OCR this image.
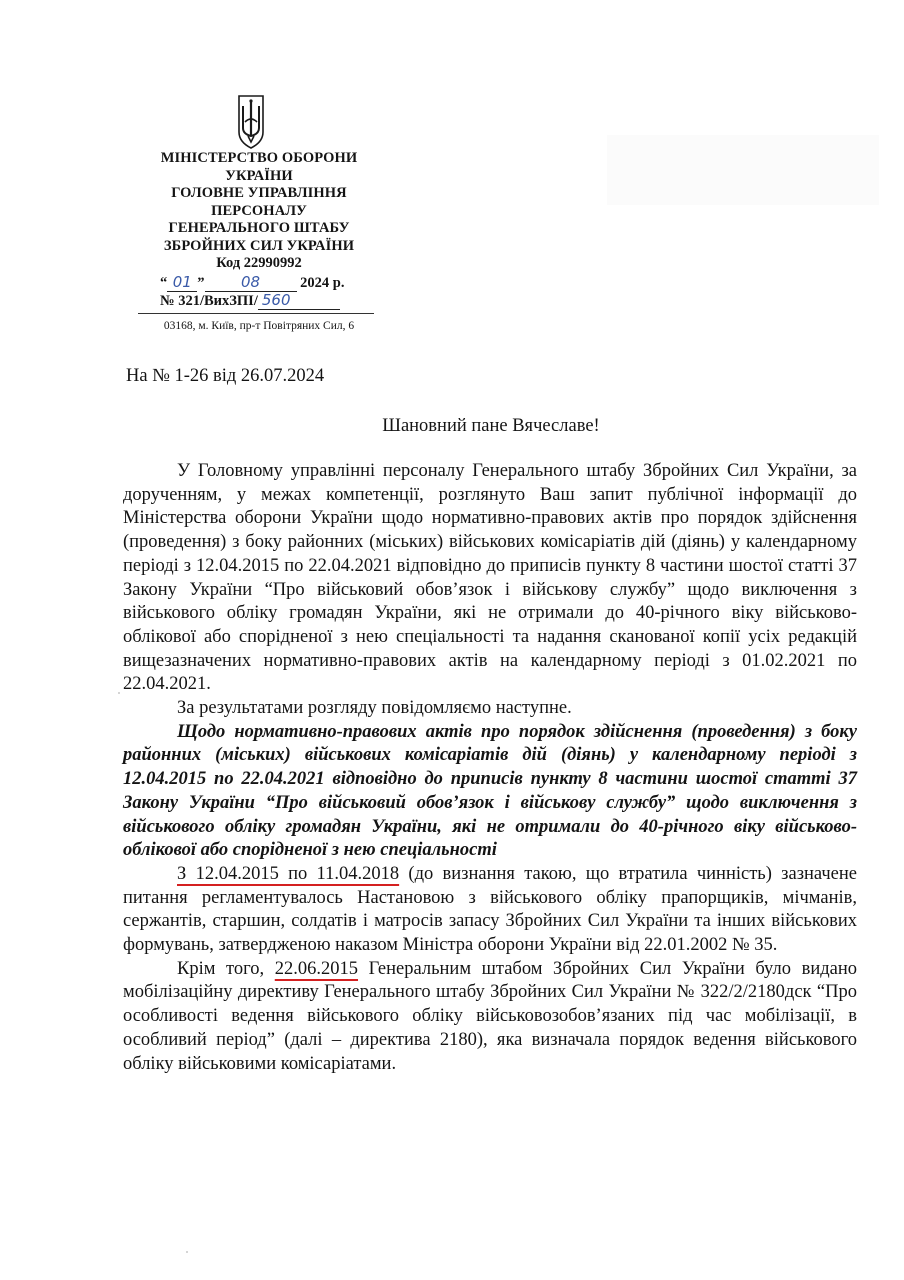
МІНІСТЕРСТВО ОБОРОНИ
УКРАЇНИ
ГОЛОВНЕ УПРАВЛІННЯ
ПЕРСОНАЛУ
ГЕНЕРАЛЬНОГО ШТАБУ
ЗБРОЙНИХ СИЛ УКРАЇНИ
Код 22990992
“ 01 ” 08	2024 р.
№ 321/ВихЗПІ/ 560
03168, м. Київ, пр-т Повітряних Сил, 6
На № 1-26 від 26.07.2024
Шановний пане Вячеславе!

У Головному управлінні персоналу Генерального штабу Збройних Сил України, за дорученням, у межах компетенції, розглянуто Ваш запит публічної інформації до Міністерства оборони України щодо нормативно-правових актів про порядок здійснення (проведення) з боку районних (міських) військових комісаріатів дій (діянь) у календарному періоді з 12.04.2015 по 22.04.2021 відповідно до приписів пункту 8 частини шостої статті 37 Закону України “Про військовий обов’язок і військову службу” щодо виключення з військового обліку громадян України, які не отримали до 40-річного віку військово-облікової або спорідненої з нею спеціальності та надання сканованої копії усіх редакцій вищезазначених нормативно-правових актів на календарному періоді з 01.02.2021 по 22.04.2021.

За результатами розгляду повідомляємо наступне.

Щодо нормативно-правових актів про порядок здійснення (проведення) з боку районних (міських) військових комісаріатів дій (діянь) у календарному періоді з 12.04.2015 по 22.04.2021 відповідно до приписів пункту 8 частини шостої статті 37 Закону України “Про військовий обов’язок і військову службу” щодо виключення з військового обліку громадян України, які не отримали до 40-річного віку військово-облікової або спорідненої з нею спеціальності

З 12.04.2015 по 11.04.2018 (до визнання такою, що втратила чинність) зазначене питання регламентувалось Настановою з військового обліку прапорщиків, мічманів, сержантів, старшин, солдатів і матросів запасу Збройних Сил України та інших військових формувань, затвердженою наказом Міністра оборони України від 22.01.2002 № 35.

Крім того, 22.06.2015 Генеральним штабом Збройних Сил України було видано мобілізаційну директиву Генерального штабу Збройних Сил України № 322/2/2180дск “Про особливості ведення військового обліку військовозобов’язаних під час мобілізації, в особливий період” (далі – директива 2180), яка визначала порядок ведення військового обліку військовими комісаріатами.
